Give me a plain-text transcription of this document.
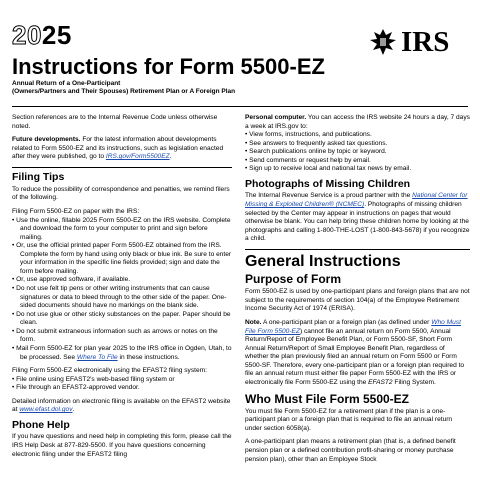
2025	IRS
Instructions for Form 5500-EZ
Annual Return of a One-Participant
(Owners/Partners and Their Spouses) Retirement Plan or A Foreign Plan

Section references are to the Internal Revenue Code unless otherwise noted.

Future developments. For the latest information about developments related to Form 5500-EZ and its instructions, such as legislation enacted after they were published, go to IRS.gov/Form5500EZ.

Filing Tips

To reduce the possibility of correspondence and penalties, we remind filers of the following.

Filing Form 5500-EZ on paper with the IRS:

• Use the online, fillable 2025 Form 5500-EZ on the IRS website. Complete and download the form to your computer to print and sign before mailing.
• Or, use the official printed paper Form 5500-EZ obtained from the IRS. Complete the form by hand using only black or blue ink. Be sure to enter your information in the specific line fields provided; sign and date the form before mailing.
• Or, use approved software, if available.
• Do not use felt tip pens or other writing instruments that can cause signatures or data to bleed through to the other side of the paper. One-sided documents should have no markings on the blank side.
• Do not use glue or other sticky substances on the paper. Paper should be clean.
• Do not submit extraneous information such as arrows or notes on the form.
• Mail Form 5500-EZ for plan year 2025 to the IRS office in Ogden, Utah, to be processed. See Where To File in these instructions.

Filing Form 5500-EZ electronically using the EFAST2 filing system:

• File online using EFAST2's web-based filing system or
• File through an EFAST2-approved vendor.

Detailed information on electronic filing is available on the EFAST2 website at www.efast.dol.gov.

Phone Help

If you have questions and need help in completing this form, please call the IRS Help Desk at 877-829-5500. If you have questions concerning electronic filing under the EFAST2 filing

Personal computer. You can access the IRS website 24 hours a day, 7 days a week at IRS.gov to:

• View forms, instructions, and publications.
• See answers to frequently asked tax questions.
• Search publications online by topic or keyword.
• Send comments or request help by email.
• Sign up to receive local and national tax news by email.
Photographs of Missing Children

The Internal Revenue Service is a proud partner with the National Center for Missing & Exploited Children® (NCMEC). Photographs of missing children selected by the Center may appear in instructions on pages that would otherwise be blank. You can help bring these children home by looking at the photographs and calling 1-800-THE-LOST (1-800-843-5678) if you recognize a child.

General Instructions
Purpose of Form

Form 5500-EZ is used by one-participant plans and foreign plans that are not subject to the requirements of section 104(a) of the Employee Retirement Income Security Act of 1974 (ERISA).

Note. A one-participant plan or a foreign plan (as defined under Who Must File Form 5500-EZ) cannot file an annual return on Form 5500, Annual Return/Report of Employee Benefit Plan, or Form 5500-SF, Short Form Annual Return/Report of Small Employee Benefit Plan, regardless of whether the plan previously filed an annual return on Form 5500 or Form 5500-SF. Therefore, every one-participant plan or a foreign plan required to file an annual return must either file paper Form 5500-EZ with the IRS or electronically file Form 5500-EZ using the EFAST2 Filing System.

Who Must File Form 5500-EZ

You must file Form 5500-EZ for a retirement plan if the plan is a one-participant plan or a foreign plan that is required to file an annual return under section 6058(a).

A one-participant plan means a retirement plan (that is, a defined benefit pension plan or a defined contribution profit-sharing or money purchase pension plan), other than an Employee Stock
